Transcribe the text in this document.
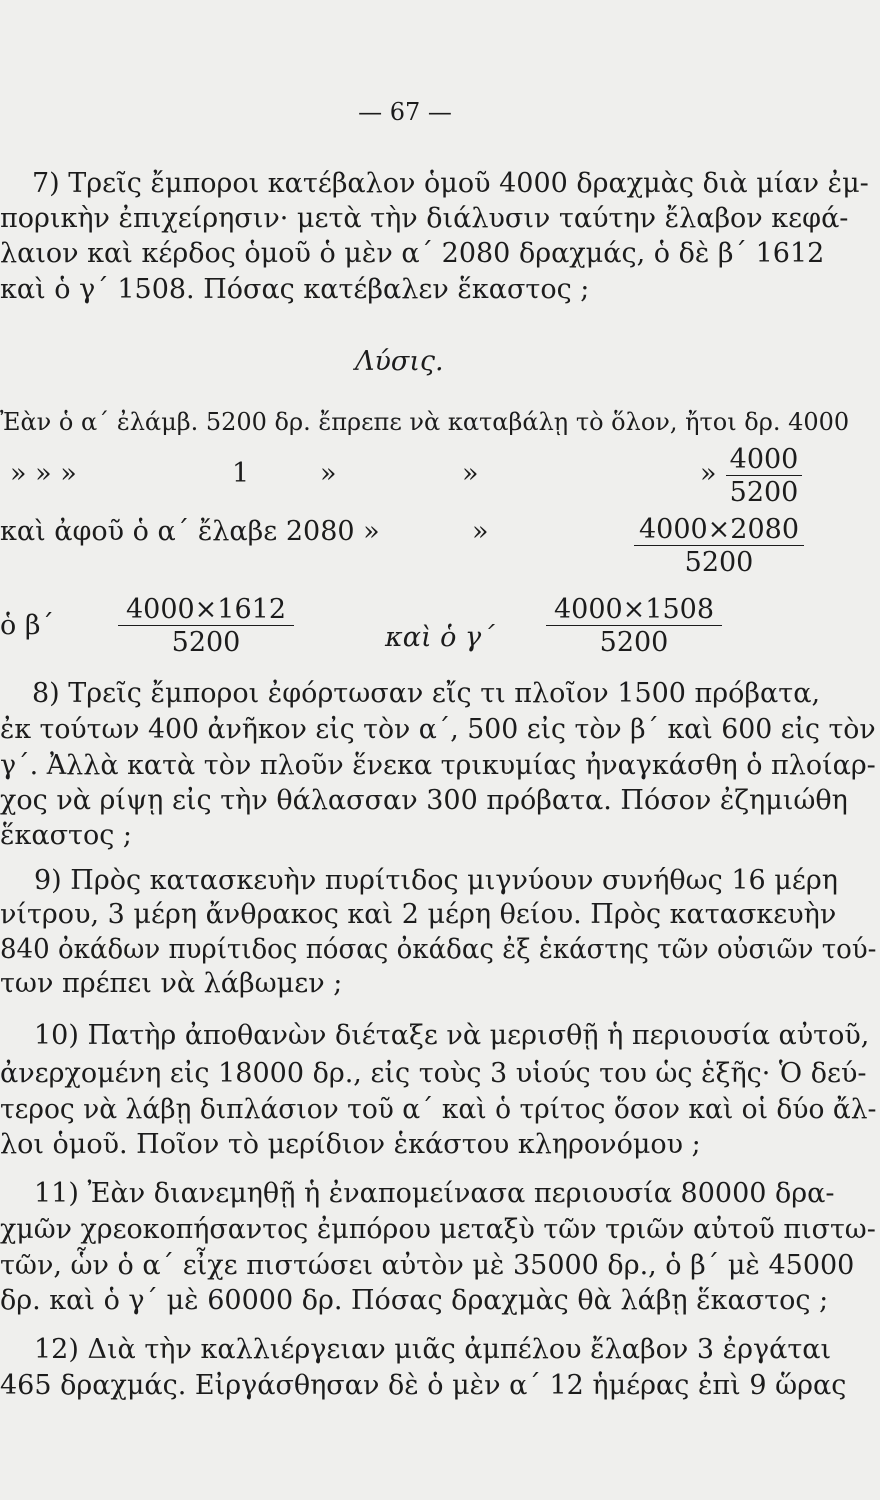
— 67 —
7) Τρεῖς ἔμποροι κατέβαλον ὁμοῦ 4000 δραχμὰς διὰ μίαν ἐμ-
πορικὴν ἐπιχείρησιν· μετὰ τὴν διάλυσιν ταύτην ἔλαβον κεφά-
λαιον καὶ κέρδος ὁμοῦ ὁ μὲν α΄ 2080 δραχμάς, ὁ δὲ β΄ 1612
καὶ ὁ γ΄ 1508. Πόσας κατέβαλεν ἕκαστος ;
Λύσις.
Ἐὰν ὁ α΄ ἐλάμβ. 5200 δρ. ἔπρεπε νὰ καταβάλῃ τὸ ὅλον, ἤτοι δρ. 4000
» » »	1	»	»	» $\frac{4000}{5200}$
καὶ ἀφοῦ ὁ α΄ ἔλαβε 2080 »	»	$\frac{4000\times 2080}{5200}$
ὁ $\beta΄ \frac{4000\times 1612}{5200}$	καὶ ὁ $\gamma΄ \frac{4000\times 1508}{5200}$
8) Τρεῖς ἔμποροι ἐφόρτωσαν εἴς τι πλοῖον 1500 πρόβατα,
ἐκ τούτων 400 ἀνῆκον εἰς τὸν α΄, 500 εἰς τὸν β΄ καὶ 600 εἰς τὸν
γ΄. Ἀλλὰ κατὰ τὸν πλοῦν ἕνεκα τρικυμίας ἠναγκάσθη ὁ πλοίαρ-
χος νὰ ρίψῃ εἰς τὴν θάλασσαν 300 πρόβατα. Πόσον ἐζημιώθη
ἕκαστος ;
9) Πρὸς κατασκευὴν πυρίτιδος μιγνύουν συνήθως 16 μέρη
νίτρου, 3 μέρη ἄνθρακος καὶ 2 μέρη θείου. Πρὸς κατασκευὴν
840 ὀκάδων πυρίτιδος πόσας ὀκάδας ἐξ ἑκάστης τῶν οὐσιῶν τού-
των πρέπει νὰ λάβωμεν ;
10) Πατὴρ ἀποθανὼν διέταξε νὰ μερισθῇ ἡ περιουσία αὐτοῦ,
ἀνερχομένη εἰς 18000 δρ., εἰς τοὺς 3 υἱούς του ὡς ἑξῆς· Ὁ δεύ-
τερος νὰ λάβῃ διπλάσιον τοῦ α΄ καὶ ὁ τρίτος ὅσον καὶ οἱ δύο ἄλ-
λοι ὁμοῦ. Ποῖον τὸ μερίδιον ἑκάστου κληρονόμου ;
11) Ἐὰν διανεμηθῇ ἡ ἐναπομείνασα περιουσία 80000 δρα-
χμῶν χρεοκοπήσαντος ἐμπόρου μεταξὺ τῶν τριῶν αὐτοῦ πιστω-
τῶν, ὧν ὁ α΄ εἶχε πιστώσει αὐτὸν μὲ 35000 δρ., ὁ β΄ μὲ 45000
δρ. καὶ ὁ γ΄ μὲ 60000 δρ. Πόσας δραχμὰς θὰ λάβῃ ἕκαστος ;
12) Διὰ τὴν καλλιέργειαν μιᾶς ἀμπέλου ἔλαβον 3 ἐργάται
465 δραχμάς. Εἰργάσθησαν δὲ ὁ μὲν α΄ 12 ἡμέρας ἐπὶ 9 ὥρας
